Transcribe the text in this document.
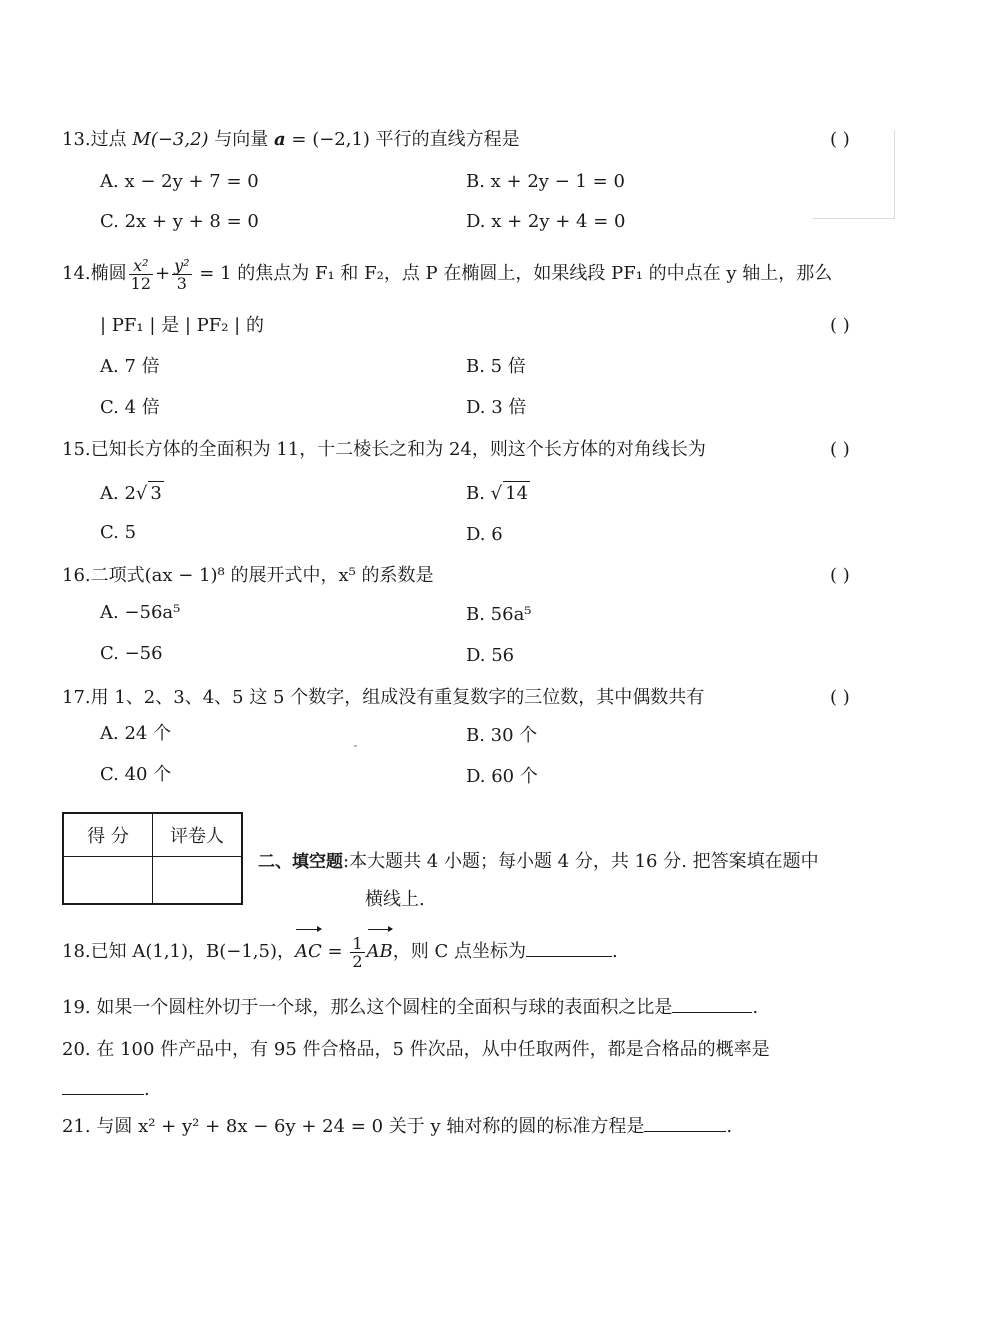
13.过点 M(−3,2) 与向量 a = (−2,1) 平行的直线方程是	( )
A. x − 2y + 7 = 0	B. x + 2y − 1 = 0
C. 2x + y + 8 = 0	D. x + 2y + 4 = 0
14.椭圆 $\frac{\text{x²}}{12} + \frac{\text{y²}}{3} = 1$ 的焦点为 F₁ 和 F₂，点 P 在椭圆上，如果线段 PF₁ 的中点在 y 轴上，那么
| PF₁ | 是 | PF₂ | 的	( )
A. 7 倍	B. 5 倍
C. 4 倍	D. 3 倍
15.已知长方体的全面积为 11，十二棱长之和为 24，则这个长方体的对角线长为	( )
A. 2√ 3	B. √ 14
C. 5	D. 6
16.二项式(ax − 1)⁸ 的展开式中，x⁵ 的系数是	( )
A. −56a⁵	B. 56a⁵
C. −56	D. 56
17.用 1、2、3、4、5 这 5 个数字，组成没有重复数字的三位数，其中偶数共有	( )
A. 24 个	B. 30 个
C. 40 个	D. 60 个
得 分	评卷人

二、填空题:本大题共 4 小题；每小题 4 分，共 16 分. 把答案填在题中
横线上.
18.已知 A(1,1)，B(−1,5)，AC = $\frac{1}{2}$ AB，则 C 点坐标为	.
19. 如果一个圆柱外切于一个球，那么这个圆柱的全面积与球的表面积之比是	.
20. 在 100 件产品中，有 95 件合格品，5 件次品，从中任取两件，都是合格品的概率是
.
21. 与圆 x² + y² + 8x − 6y + 24 = 0 关于 y 轴对称的圆的标准方程是	.
